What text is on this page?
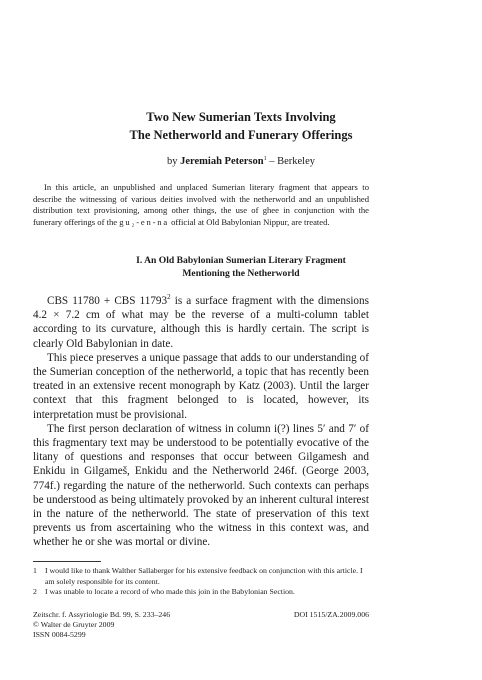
Two New Sumerian Texts Involving
The Netherworld and Funerary Offerings
by Jeremiah Peterson$^1$ – Berkeley

In this article, an unpublished and unplaced Sumerian literary fragment that appears to describe the witnessing of various deities involved with the netherworld and an unpublished distribution text provisioning, among other things, the use of ghee in conjunction with the funerary offerings of the gu₂-en-na official at Old Babylonian Nippur, are treated.

I. An Old Babylonian Sumerian Literary Fragment
Mentioning the Netherworld

CBS 11780 + CBS 11793$^2$ is a surface fragment with the dimensions 4.2 × 7.2 cm of what may be the reverse of a multi-column tablet according to its curvature, although this is hardly certain. The script is clearly Old Babylonian in date.

This piece preserves a unique passage that adds to our understanding of the Sumerian conception of the netherworld, a topic that has recently been treated in an extensive recent monograph by Katz (2003). Until the larger context that this fragment belonged to is located, however, its interpretation must be provisional.

The first person declaration of witness in column i(?) lines 5′ and 7′ of this fragmentary text may be understood to be potentially evocative of the litany of questions and responses that occur between Gilgamesh and Enkidu in Gilgameš, Enkidu and the Netherworld 246f. (George 2003, 774f.) regarding the nature of the netherworld. Such contexts can perhaps be understood as being ultimately provoked by an inherent cultural interest in the nature of the netherworld. The state of preservation of this text prevents us from ascertaining who the witness in this context was, and whether he or she was mortal or divine.

1	I would like to thank Walther Sallaberger for his extensive feedback on conjunction with this article. I am solely responsible for its content.
2	I was unable to locate a record of who made this join in the Babylonian Section.
Zeitschr. f. Assyriologie Bd. 99, S. 233–246	DOI 1515/ZA.2009.006
© Walter de Gruyter 2009
ISSN 0084-5299
